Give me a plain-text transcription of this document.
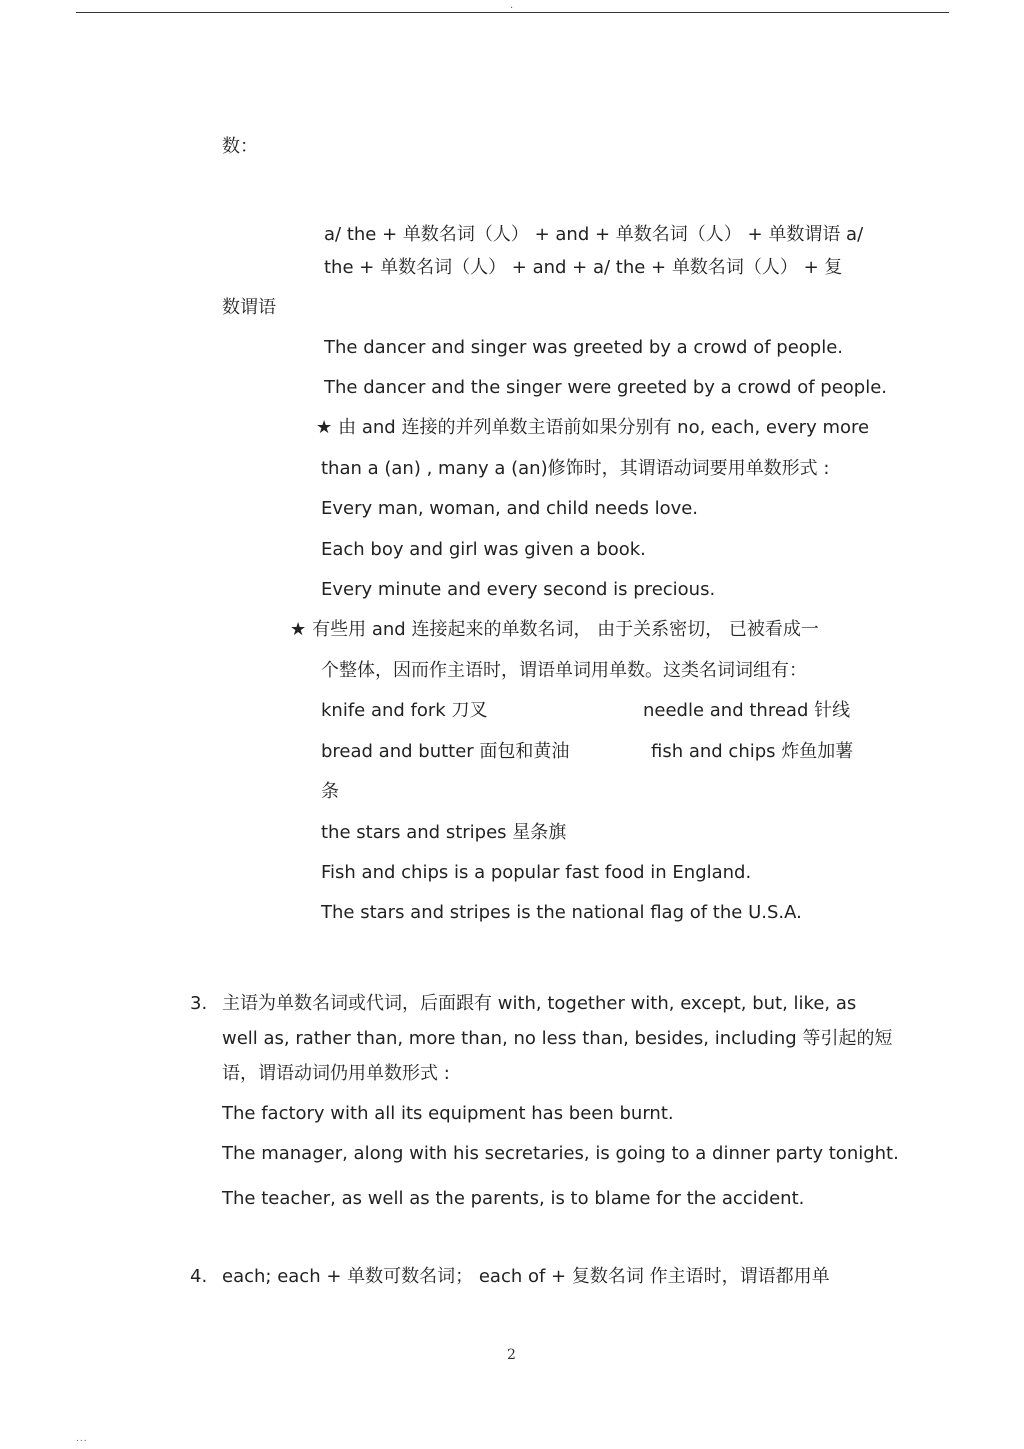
.
数：
a/ the + 单数名词（人） + and + 单数名词（人） + 单数谓语 a/
the + 单数名词（人） + and + a/ the + 单数名词（人） + 复
数谓语
The dancer and singer was greeted by a crowd of people.
The dancer and the singer were greeted by a crowd of people.
★ 由 and 连接的并列单数主语前如果分别有 no, each, every more
than a (an) , many a (an)修饰时，其谓语动词要用单数形式 :
Every man, woman, and child needs love.
Each boy and girl was given a book.
Every minute and every second is precious.
★ 有些用 and 连接起来的单数名词， 由于关系密切， 已被看成一
个整体，因而作主语时，谓语单词用单数。这类名词词组有：
knife and fork 刀叉	needle and thread 针线
bread and butter 面包和黄油	fish and chips 炸鱼加薯
条
the stars and stripes 星条旗
Fish and chips is a popular fast food in England.
The stars and stripes is the national flag of the U.S.A.
3. 主语为单数名词或代词，后面跟有 with, together with, except, but, like, as
well as, rather than, more than, no less than, besides, including 等引起的短
语，谓语动词仍用单数形式 :
The factory with all its equipment has been burnt.
The manager, along with his secretaries, is going to a dinner party tonight.
The teacher, as well as the parents, is to blame for the accident.
4. each; each + 单数可数名词； each of + 复数名词 作主语时，谓语都用单
2
...
